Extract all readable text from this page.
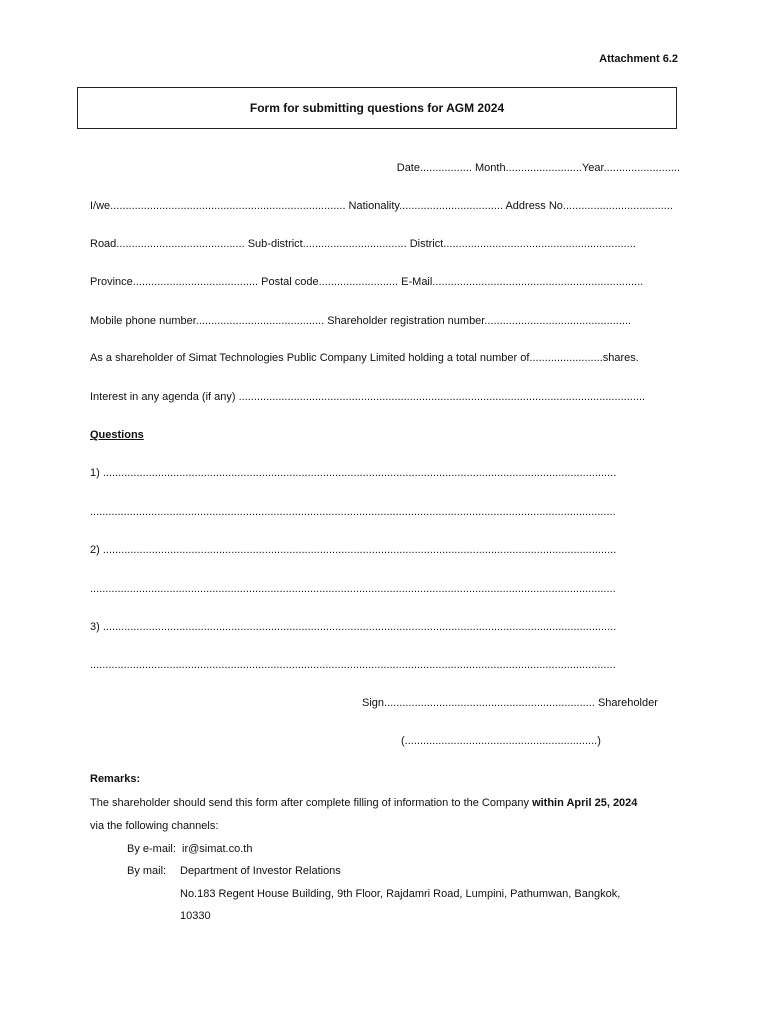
Attachment 6.2
Form for submitting questions for AGM 2024
Date................. Month.........................Year.........................
I/we............................................................................. Nationality.................................. Address No....................................
Road.......................................... Sub-district.................................. District...............................................................
Province......................................... Postal code.......................... E-Mail.....................................................................
Mobile phone number.......................................... Shareholder registration number................................................
As a shareholder of Simat Technologies Public Company Limited holding a total number of........................shares.
Interest in any agenda (if any) .....................................................................................................................................
Questions
1) ........................................................................................................................................................................
............................................................................................................................................................................
2) ........................................................................................................................................................................
............................................................................................................................................................................
3) ........................................................................................................................................................................
............................................................................................................................................................................
Sign..................................................................... Shareholder
(...............................................................)
Remarks:
The shareholder should send this form after complete filling of information to the Company within April 25, 2024
via the following channels:
By e-mail: ir@simat.co.th
By mail: Department of Investor Relations
No.183 Regent House Building, 9th Floor, Rajdamri Road, Lumpini, Pathumwan, Bangkok,
10330
